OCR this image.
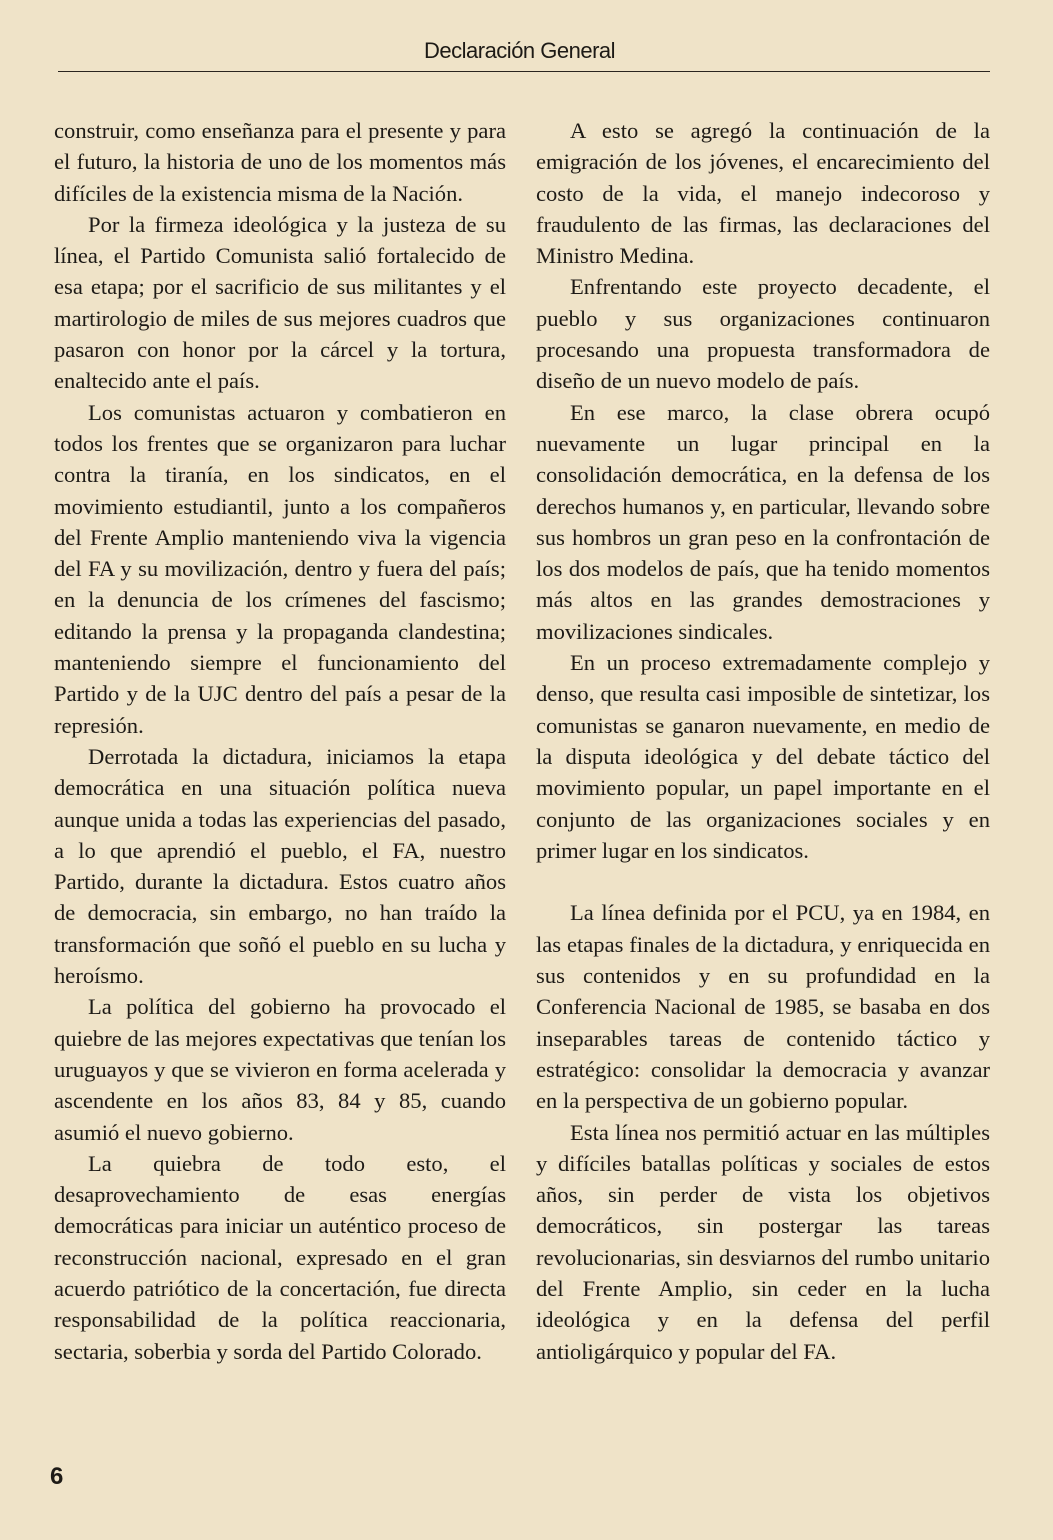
Declaración General

construir, como enseñanza para el presente y para el futuro, la historia de uno de los momentos más difíciles de la existencia misma de la Nación.

Por la firmeza ideológica y la justeza de su línea, el Partido Comunista salió fortalecido de esa etapa; por el sacrificio de sus militantes y el martirologio de miles de sus mejores cuadros que pasaron con honor por la cárcel y la tortura, enaltecido ante el país.

Los comunistas actuaron y combatieron en todos los frentes que se organizaron para luchar contra la tiranía, en los sindicatos, en el movimiento estudiantil, junto a los compañeros del Frente Amplio manteniendo viva la vigencia del FA y su movilización, dentro y fuera del país; en la denuncia de los crímenes del fascismo; editando la prensa y la propaganda clandestina; manteniendo siempre el funcionamiento del Partido y de la UJC dentro del país a pesar de la represión.

Derrotada la dictadura, iniciamos la etapa democrática en una situación política nueva aunque unida a todas las experiencias del pasado, a lo que aprendió el pueblo, el FA, nuestro Partido, durante la dictadura. Estos cuatro años de democracia, sin embargo, no han traído la transformación que soñó el pueblo en su lucha y heroísmo.

La política del gobierno ha provocado el quiebre de las mejores expectativas que tenían los uruguayos y que se vivieron en forma acelerada y ascendente en los años 83, 84 y 85, cuando asumió el nuevo gobierno.

La quiebra de todo esto, el desaprovechamiento de esas energías democráticas para iniciar un auténtico proceso de reconstrucción nacional, expresado en el gran acuerdo patriótico de la concertación, fue directa responsabilidad de la política reaccionaria, sectaria, soberbia y sorda del Partido Colorado.

A esto se agregó la continuación de la emigración de los jóvenes, el encarecimiento del costo de la vida, el manejo indecoroso y fraudulento de las firmas, las declaraciones del Ministro Medina.

Enfrentando este proyecto decadente, el pueblo y sus organizaciones continuaron procesando una propuesta transformadora de diseño de un nuevo modelo de país.

En ese marco, la clase obrera ocupó nuevamente un lugar principal en la consolidación democrática, en la defensa de los derechos humanos y, en particular, llevando sobre sus hombros un gran peso en la confrontación de los dos modelos de país, que ha tenido momentos más altos en las grandes demostraciones y movilizaciones sindicales.

En un proceso extremadamente complejo y denso, que resulta casi imposible de sintetizar, los comunistas se ganaron nuevamente, en medio de la disputa ideológica y del debate táctico del movimiento popular, un papel importante en el conjunto de las organizaciones sociales y en primer lugar en los sindicatos.

La línea definida por el PCU, ya en 1984, en las etapas finales de la dictadura, y enriquecida en sus contenidos y en su profundidad en la Conferencia Nacional de 1985, se basaba en dos inseparables tareas de contenido táctico y estratégico: consolidar la democracia y avanzar en la perspectiva de un gobierno popular.

Esta línea nos permitió actuar en las múltiples y difíciles batallas políticas y sociales de estos años, sin perder de vista los objetivos democráticos, sin postergar las tareas revolucionarias, sin desviarnos del rumbo unitario del Frente Amplio, sin ceder en la lucha ideológica y en la defensa del perfil antioligárquico y popular del FA.

6
